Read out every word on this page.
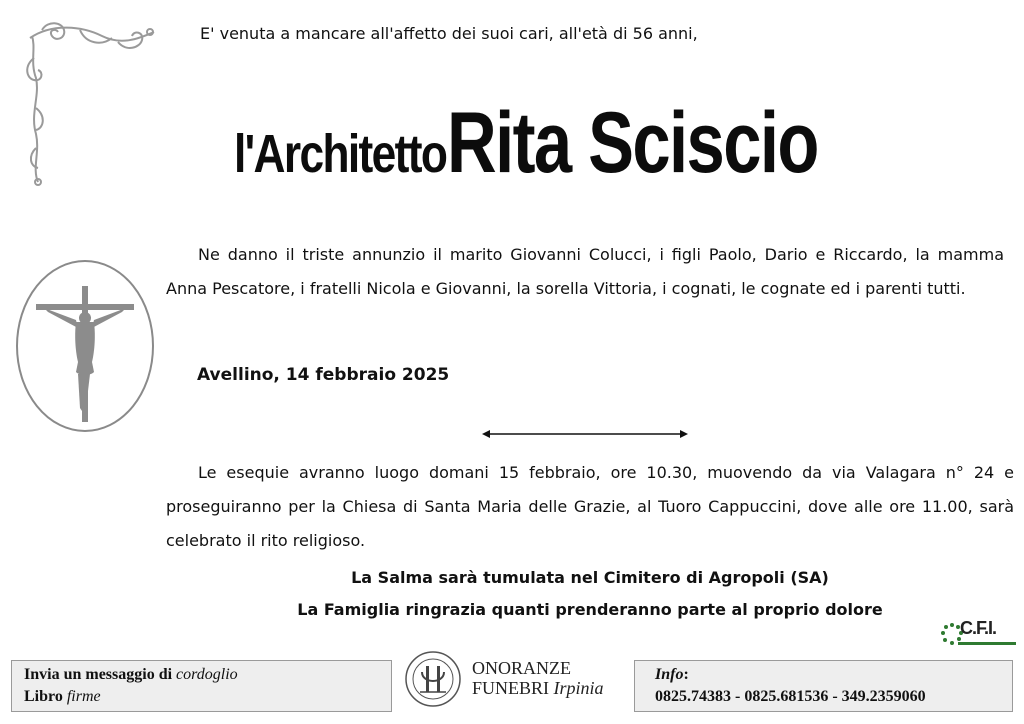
E' venuta a mancare all'affetto dei suoi cari, all'età di 56 anni,
l'Architetto Rita Sciscio
Ne danno il triste annunzio il marito Giovanni Colucci, i figli Paolo, Dario e Riccardo, la mamma Anna Pescatore, i fratelli Nicola e Giovanni, la sorella Vittoria, i cognati, le cognate ed i parenti tutti.
Avellino, 14 febbraio 2025
Le esequie avranno luogo domani 15 febbraio, ore 10.30, muovendo da via Valagara n° 24 e proseguiranno per la Chiesa di Santa Maria delle Grazie, al Tuoro Cappuccini, dove alle ore 11.00, sarà celebrato il rito religioso.
La Salma sarà tumulata nel Cimitero di Agropoli (SA)
La Famiglia ringrazia quanti prenderanno parte al proprio dolore
C.F.I.
Invia un messaggio di cordoglio
Libro firme
ONORANZE
FUNEBRI Irpinia
Info:
0825.74383 - 0825.681536 - 349.2359060
